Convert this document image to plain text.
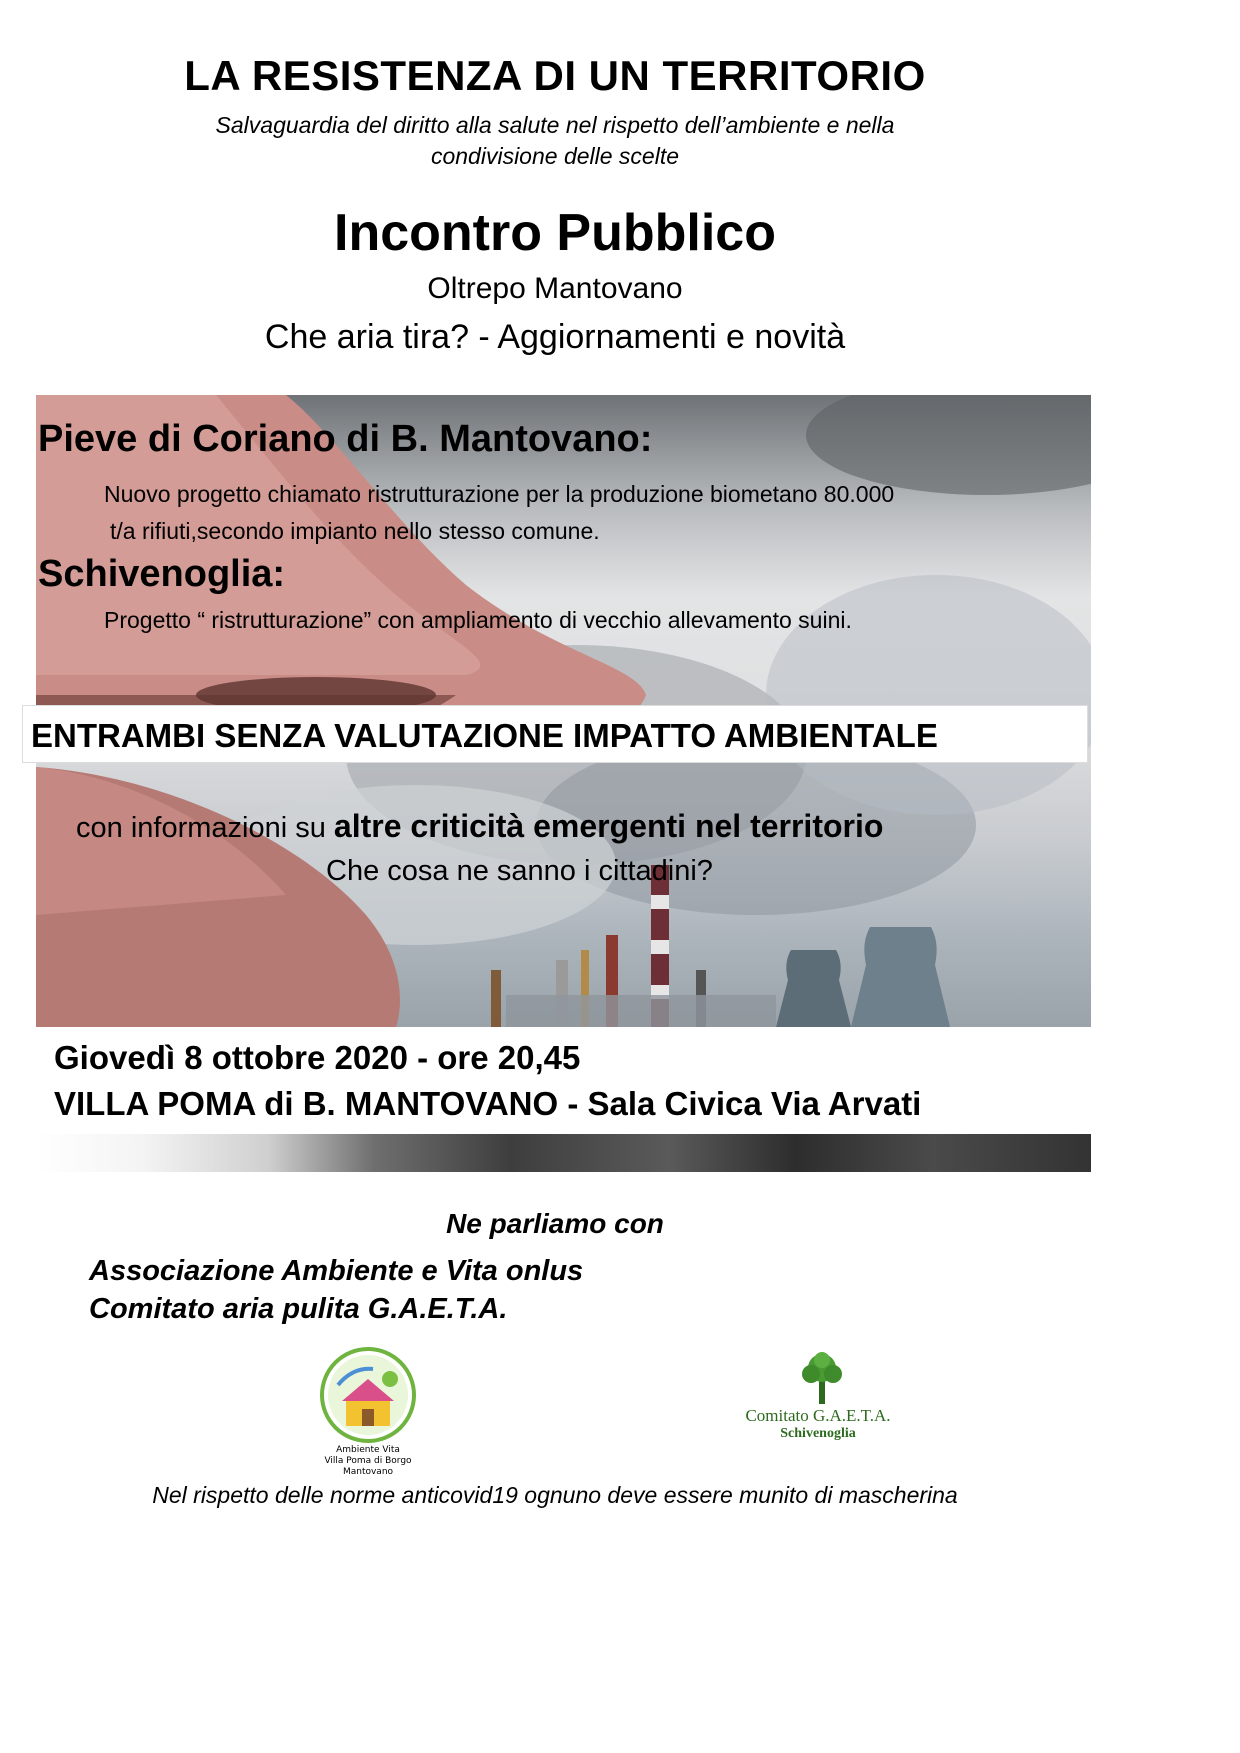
LA RESISTENZA DI UN TERRITORIO
Salvaguardia del diritto alla salute nel rispetto dell’ambiente e nella
condivisione delle scelte
Incontro Pubblico
Oltrepo Mantovano
Che aria tira? - Aggiornamenti e novità
Pieve di Coriano di B. Mantovano:
Nuovo progetto chiamato ristrutturazione per la produzione biometano 80.000
t/a rifiuti,secondo impianto nello stesso comune.
Schivenoglia:
Progetto “ ristrutturazione” con ampliamento di vecchio allevamento suini.
ENTRAMBI SENZA VALUTAZIONE IMPATTO AMBIENTALE
con informazioni su altre criticità emergenti nel territorio
Che cosa ne sanno i cittadini?
Giovedì 8 ottobre 2020 - ore 20,45
VILLA POMA di B. MANTOVANO - Sala Civica Via Arvati
Ne parliamo con
Associazione Ambiente e Vita onlus
Comitato aria pulita G.A.E.T.A.
Ambiente Vita
Villa Poma di Borgo Mantovano
Comitato G.A.E.T.A.
Schivenoglia
Nel rispetto delle norme anticovid19 ognuno deve essere munito di mascherina
